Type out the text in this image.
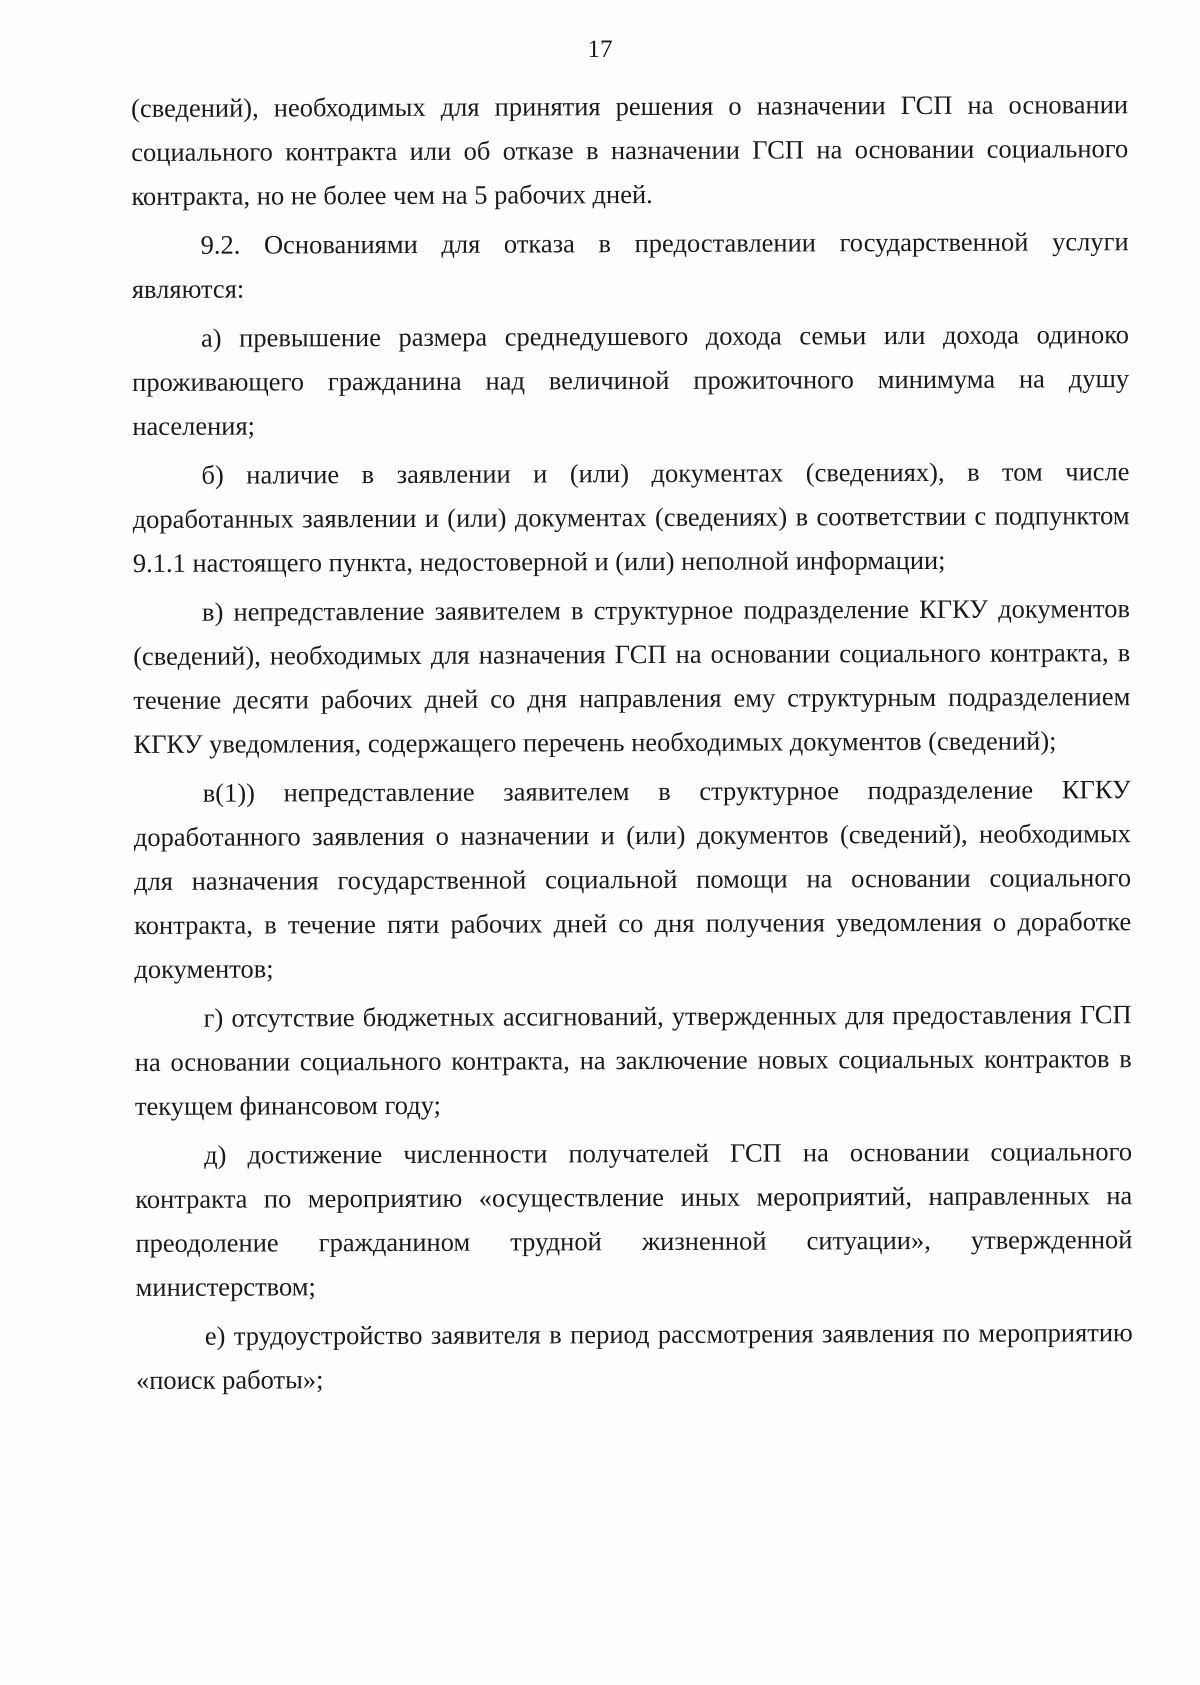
17

(сведений), необходимых для принятия решения о назначении ГСП на основании социального контракта или об отказе в назначении ГСП на основании социального контракта, но не более чем на 5 рабочих дней.

9.2. Основаниями для отказа в предоставлении государственной услуги являются:

а) превышение размера среднедушевого дохода семьи или дохода одиноко проживающего гражданина над величиной прожиточного минимума на душу населения;

б) наличие в заявлении и (или) документах (сведениях), в том числе доработанных заявлении и (или) документах (сведениях) в соответствии с подпунктом 9.1.1 настоящего пункта, недостоверной и (или) неполной информации;

в) непредставление заявителем в структурное подразделение КГКУ документов (сведений), необходимых для назначения ГСП на основании социального контракта, в течение десяти рабочих дней со дня направления ему структурным подразделением КГКУ уведомления, содержащего перечень необходимых документов (сведений);

в(1)) непредставление заявителем в структурное подразделение КГКУ доработанного заявления о назначении и (или) документов (сведений), необходимых для назначения государственной социальной помощи на основании социального контракта, в течение пяти рабочих дней со дня получения уведомления о доработке документов;

г) отсутствие бюджетных ассигнований, утвержденных для предоставления ГСП на основании социального контракта, на заключение новых социальных контрактов в текущем финансовом году;

д) достижение численности получателей ГСП на основании социального контракта по мероприятию «осуществление иных мероприятий, направленных на преодоление гражданином трудной жизненной ситуации», утвержденной министерством;

е) трудоустройство заявителя в период рассмотрения заявления по мероприятию «поиск работы»;
